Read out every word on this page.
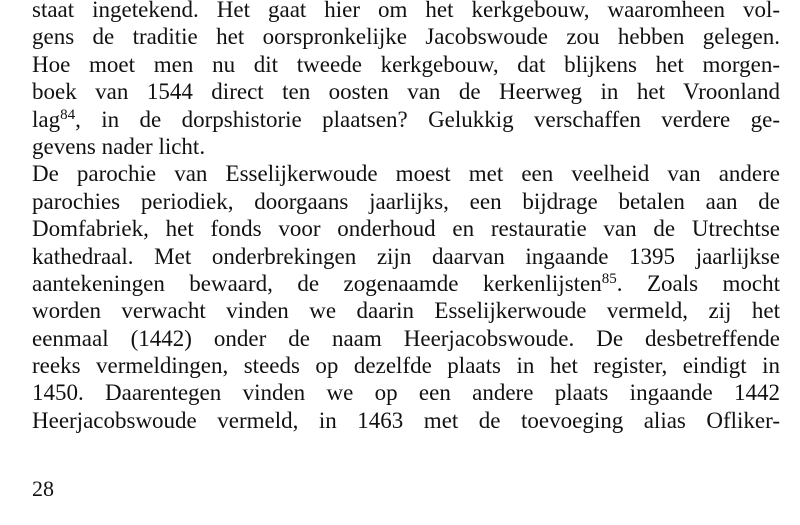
staat ingetekend. Het gaat hier om het kerkgebouw, waaromheen vol-
gens de traditie het oorspronkelijke Jacobswoude zou hebben gelegen.
Hoe moet men nu dit tweede kerkgebouw, dat blijkens het morgen-
boek van 1544 direct ten oosten van de Heerweg in het Vroonland
lag$^{84}$, in de dorpshistorie plaatsen? Gelukkig verschaffen verdere ge-
gevens nader licht.
De parochie van Esselijkerwoude moest met een veelheid van andere
parochies periodiek, doorgaans jaarlijks, een bijdrage betalen aan de
Domfabriek, het fonds voor onderhoud en restauratie van de Utrechtse
kathedraal. Met onderbrekingen zijn daarvan ingaande 1395 jaarlijkse
aantekeningen bewaard, de zogenaamde kerkenlijsten$^{85}$. Zoals mocht
worden verwacht vinden we daarin Esselijkerwoude vermeld, zij het
eenmaal (1442) onder de naam Heerjacobswoude. De desbetreffende
reeks vermeldingen, steeds op dezelfde plaats in het register, eindigt in
1450. Daarentegen vinden we op een andere plaats ingaande 1442
Heerjacobswoude vermeld, in 1463 met de toevoeging alias Ofliker-
28
